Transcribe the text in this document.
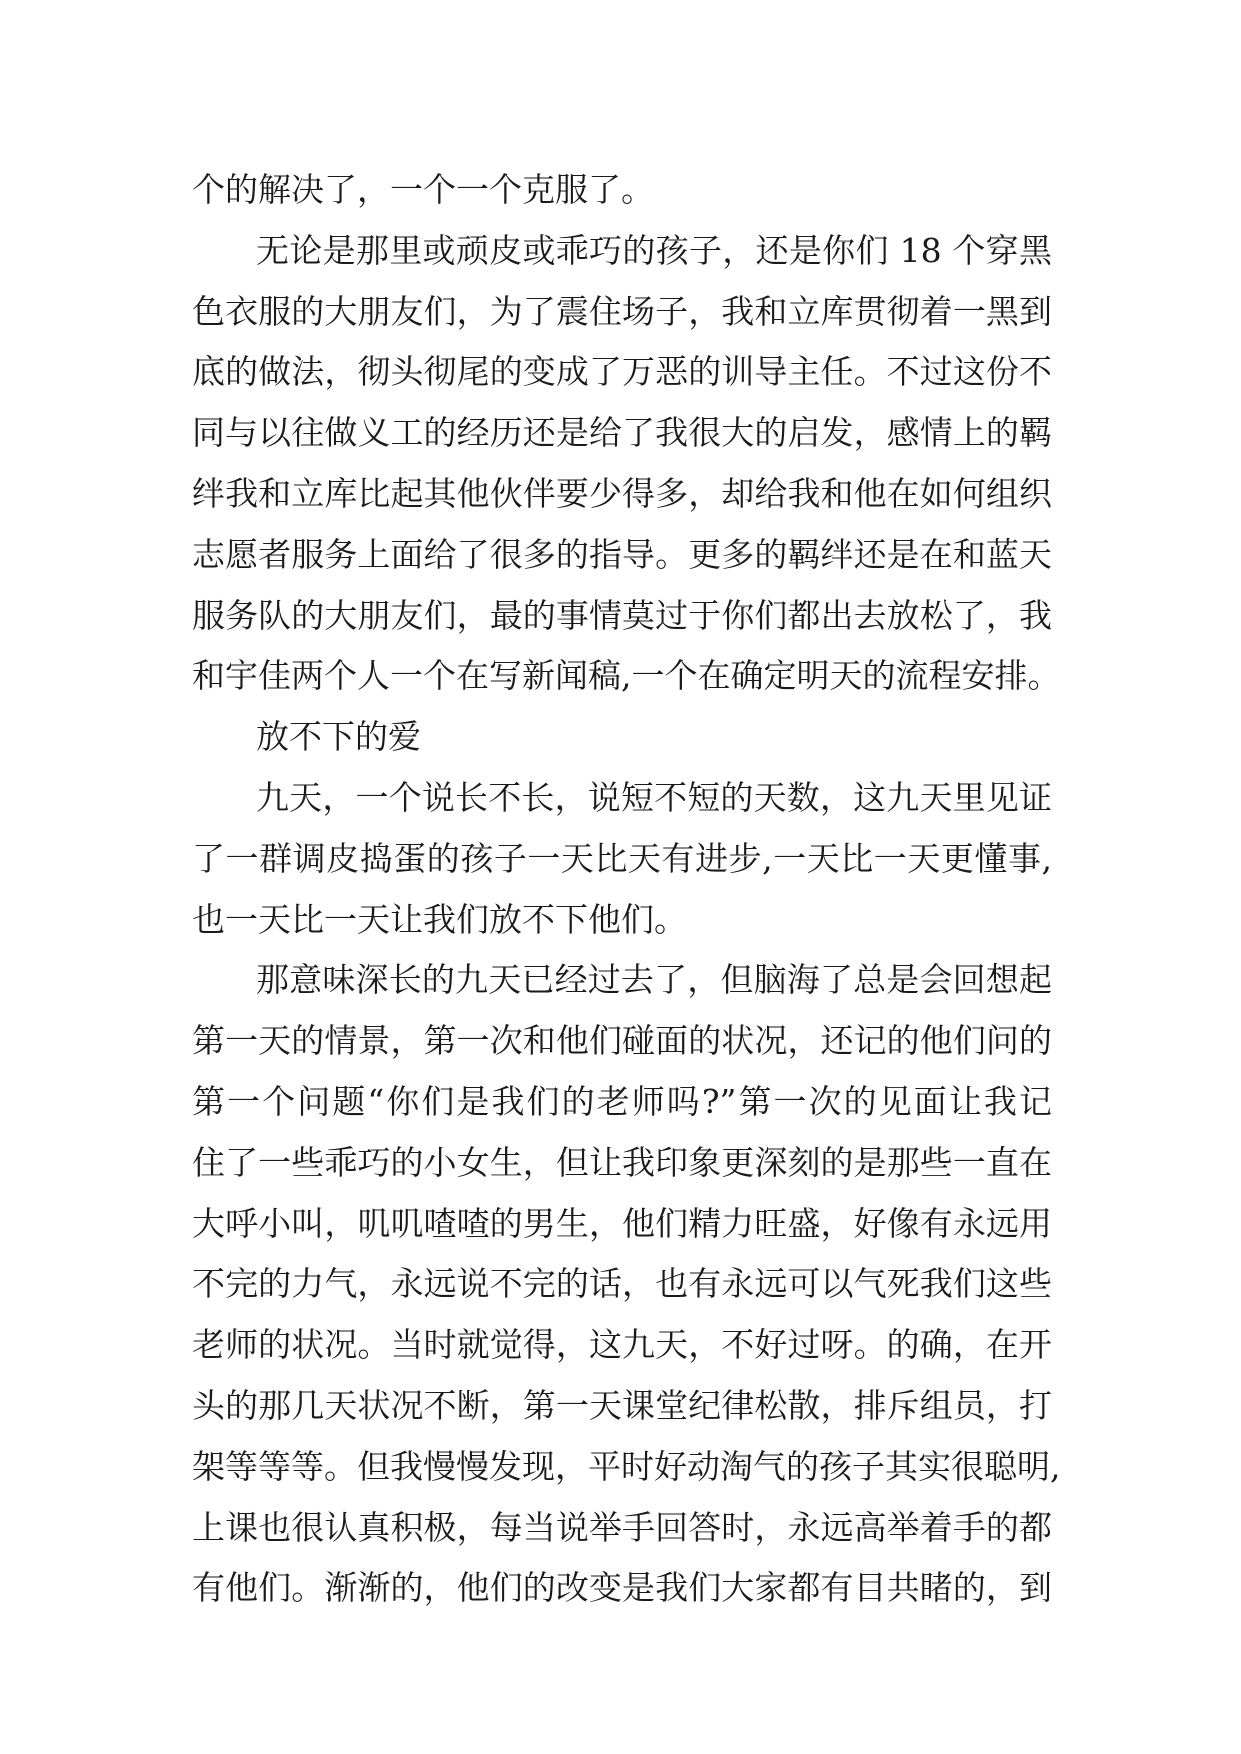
个的解决了，一个一个克服了。
无论是那里或顽皮或乖巧的孩子，还是你们 18 个穿黑
色衣服的大朋友们，为了震住场子，我和立库贯彻着一黑到
底的做法，彻头彻尾的变成了万恶的训导主任。不过这份不
同与以往做义工的经历还是给了我很大的启发，感情上的羁
绊我和立库比起其他伙伴要少得多，却给我和他在如何组织
志愿者服务上面给了很多的指导。更多的羁绊还是在和蓝天
服务队的大朋友们，最的事情莫过于你们都出去放松了，我
和宇佳两个人一个在写新闻稿,一个在确定明天的流程安排。
放不下的爱
九天，一个说长不长，说短不短的天数，这九天里见证
了一群调皮捣蛋的孩子一天比天有进步,一天比一天更懂事,
也一天比一天让我们放不下他们。
那意味深长的九天已经过去了，但脑海了总是会回想起
第一天的情景，第一次和他们碰面的状况，还记的他们问的
第一个问题“你们是我们的老师吗?”第一次的见面让我记
住了一些乖巧的小女生，但让我印象更深刻的是那些一直在
大呼小叫，叽叽喳喳的男生，他们精力旺盛，好像有永远用
不完的力气，永远说不完的话，也有永远可以气死我们这些
老师的状况。当时就觉得，这九天，不好过呀。的确，在开
头的那几天状况不断，第一天课堂纪律松散，排斥组员，打
架等等等。但我慢慢发现，平时好动淘气的孩子其实很聪明,
上课也很认真积极，每当说举手回答时，永远高举着手的都
有他们。渐渐的，他们的改变是我们大家都有目共睹的，到
